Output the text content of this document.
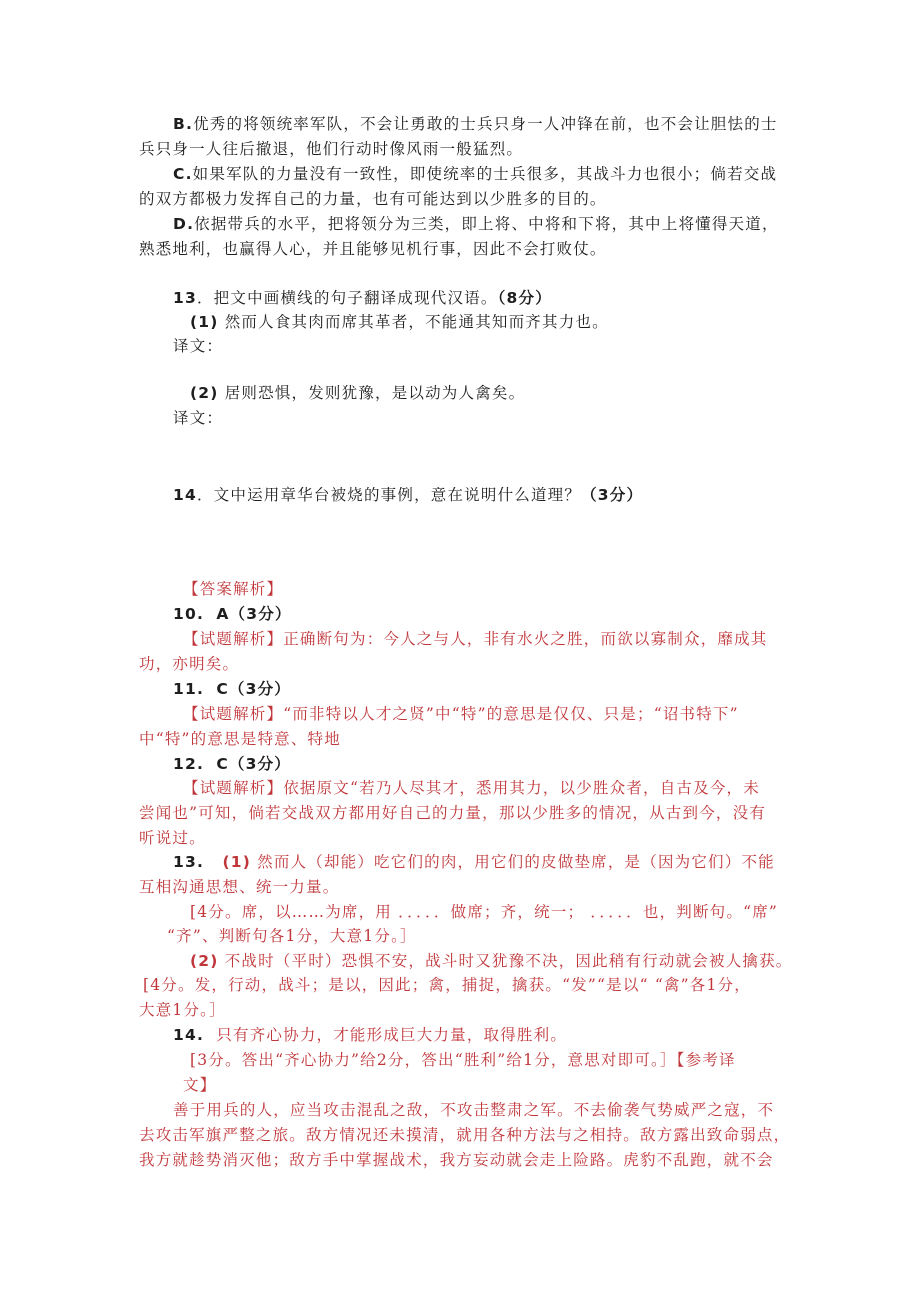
B.优秀的将领统率军队，不会让勇敢的士兵只身一人冲锋在前，也不会让胆怯的士
兵只身一人往后撤退，他们行动时像风雨一般猛烈。
C.如果军队的力量没有一致性，即使统率的士兵很多，其战斗力也很小；倘若交战
的双方都极力发挥自己的力量，也有可能达到以少胜多的目的。
D.依据带兵的水平，把将领分为三类，即上将、中将和下将，其中上将懂得天道，
熟悉地利，也赢得人心，并且能够见机行事，因此不会打败仗。
13．把文中画横线的句子翻译成现代汉语。（8分）
(1) 然而人食其肉而席其革者，不能通其知而齐其力也。
译文：
(2) 居则恐惧，发则犹豫，是以动为人禽矣。
译文：
14．文中运用章华台被烧的事例，意在说明什么道理？（3分）
【答案解析】
10. A（3分）
【试题解析】正确断句为：今人之与人，非有水火之胜，而欲以寡制众，靡成其
功，亦明矣。
11. C（3分）
【试题解析】“而非特以人才之贤”中“特”的意思是仅仅、只是；“诏书特下”
中“特”的意思是特意、特地
12. C（3分）
【试题解析】依据原文“若乃人尽其才，悉用其力，以少胜众者，自古及今，未
尝闻也”可知，倘若交战双方都用好自己的力量，那以少胜多的情况，从古到今，没有
听说过。
13. (1) 然而人（却能）吃它们的肉，用它们的皮做垫席，是（因为它们）不能
互相沟通思想、统一力量。
[4分。席，以……为席，用 ．．．．．做席；齐，统一； ．．．．．也，判断句。“席”
“齐”、判断句各1分，大意1分。］
(2) 不战时（平时）恐惧不安，战斗时又犹豫不决，因此稍有行动就会被人擒获。
[4分。发，行动，战斗；是以，因此；禽，捕捉，擒获。“发”“是以“ “禽”各1分，
大意1分。］
14. 只有齐心协力，才能形成巨大力量，取得胜利。
[3分。答出“齐心协力”给2分，答出“胜利”给1分，意思对即可。］【参考译
文】
善于用兵的人，应当攻击混乱之敌，不攻击整肃之军。不去偷袭气势威严之寇，不
去攻击军旗严整之旅。敌方情况还未摸清，就用各种方法与之相持。敌方露出致命弱点，
我方就趁势消灭他；敌方手中掌握战术，我方妄动就会走上险路。虎豹不乱跑，就不会
